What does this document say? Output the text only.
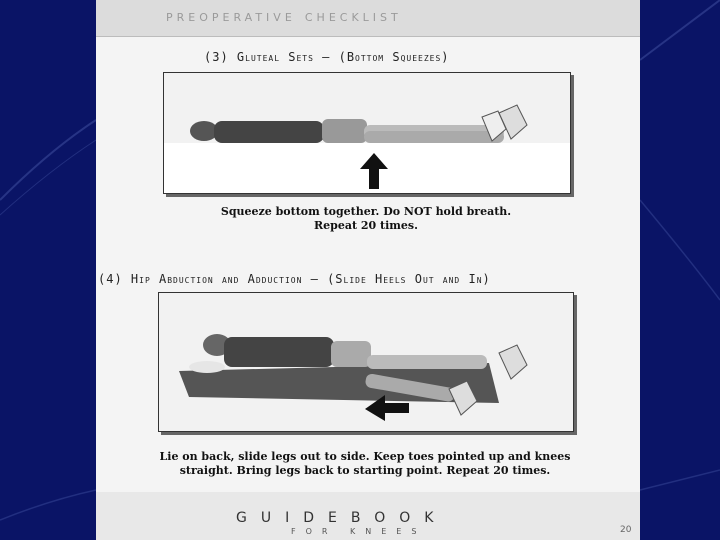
preoperative checklist
(3) Gluteal Sets — (Bottom Squeezes)
Squeeze bottom together. Do NOT hold breath.
Repeat 20 times.
(4) Hip Abduction and Adduction — (Slide Heels Out and In)
Lie on back, slide legs out to side. Keep toes pointed up and knees
straight. Bring legs back to starting point. Repeat 20 times.
GUIDEBOOK
FOR KNEES	20
